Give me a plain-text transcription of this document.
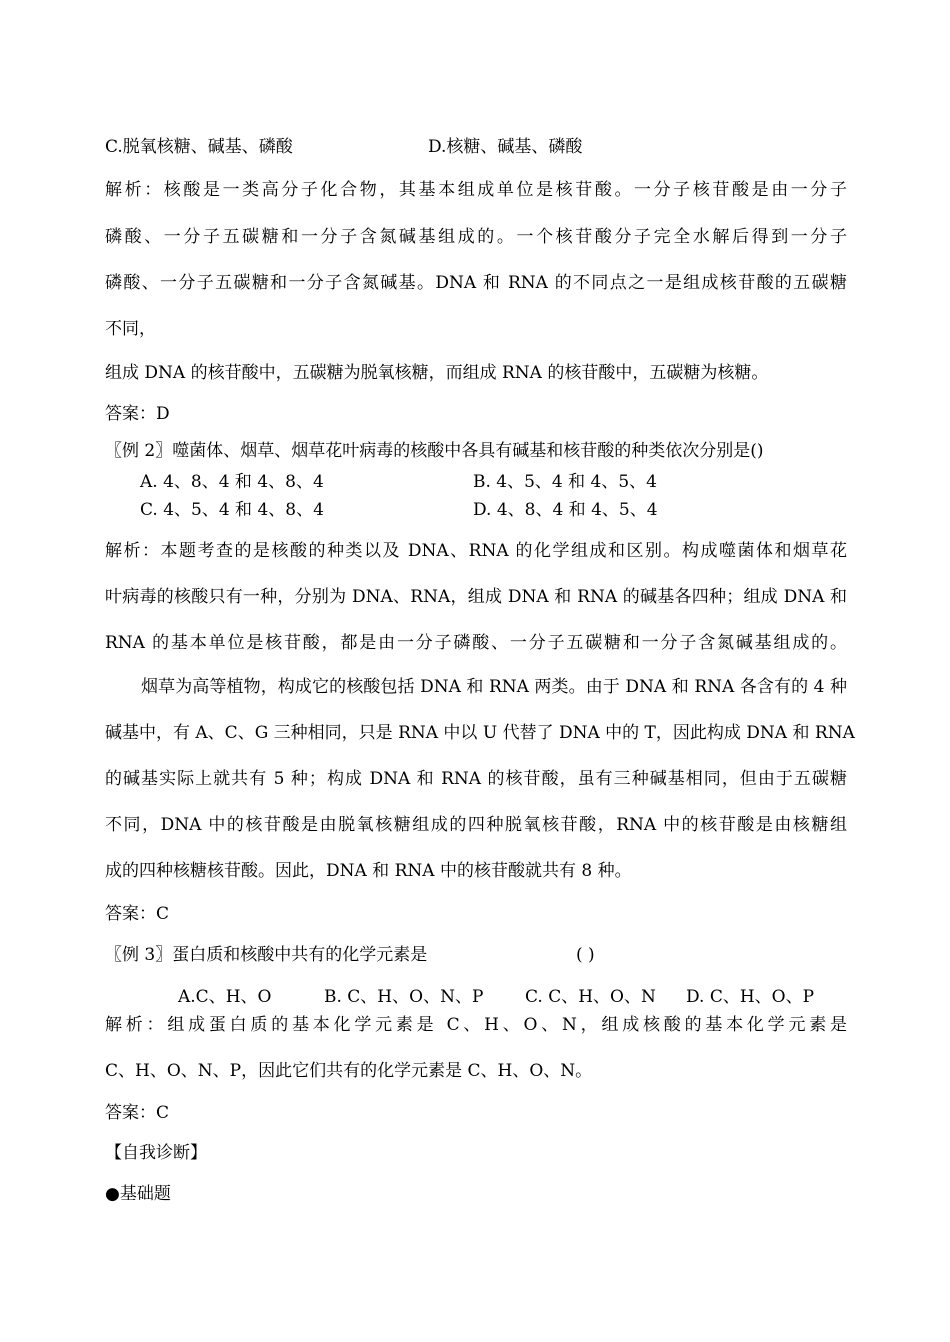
C.脱氧核糖、碱基、磷酸	D.核糖、碱基、磷酸
解析：核酸是一类高分子化合物，其基本组成单位是核苷酸。一分子核苷酸是由一分子
磷酸、一分子五碳糖和一分子含氮碱基组成的。一个核苷酸分子完全水解后得到一分子
磷酸、一分子五碳糖和一分子含氮碱基。DNA 和 RNA 的不同点之一是组成核苷酸的五碳糖
不同，
组成 DNA 的核苷酸中，五碳糖为脱氧核糖，而组成 RNA 的核苷酸中，五碳糖为核糖。
答案：D
〖例 2〗噬菌体、烟草、烟草花叶病毒的核酸中各具有碱基和核苷酸的种类依次分别是()
A. 4、8、4 和 4、8、4	B. 4、5、4 和 4、5、4
C. 4、5、4 和 4、8、4	D. 4、8、4 和 4、5、4
解析：本题考查的是核酸的种类以及 DNA、RNA 的化学组成和区别。构成噬菌体和烟草花
叶病毒的核酸只有一种，分别为 DNA、RNA，组成 DNA 和 RNA 的碱基各四种；组成 DNA 和
RNA 的基本单位是核苷酸，都是由一分子磷酸、一分子五碳糖和一分子含氮碱基组成的。
烟草为高等植物，构成它的核酸包括 DNA 和 RNA 两类。由于 DNA 和 RNA 各含有的 4 种
碱基中，有 A、C、G 三种相同，只是 RNA 中以 U 代替了 DNA 中的 T，因此构成 DNA 和 RNA
的碱基实际上就共有 5 种；构成 DNA 和 RNA 的核苷酸，虽有三种碱基相同，但由于五碳糖
不同，DNA 中的核苷酸是由脱氧核糖组成的四种脱氧核苷酸，RNA 中的核苷酸是由核糖组
成的四种核糖核苷酸。因此，DNA 和 RNA 中的核苷酸就共有 8 种。
答案：C
〖例 3〗蛋白质和核酸中共有的化学元素是	( )
A.C、H、O	B. C、H、O、N、P C. C、H、O、N D. C、H、O、P
解析：组成蛋白质的基本化学元素是 C、H、O、N，组成核酸的基本化学元素是
C、H、O、N、P，因此它们共有的化学元素是 C、H、O、N。
答案：C
【自我诊断】
●基础题
